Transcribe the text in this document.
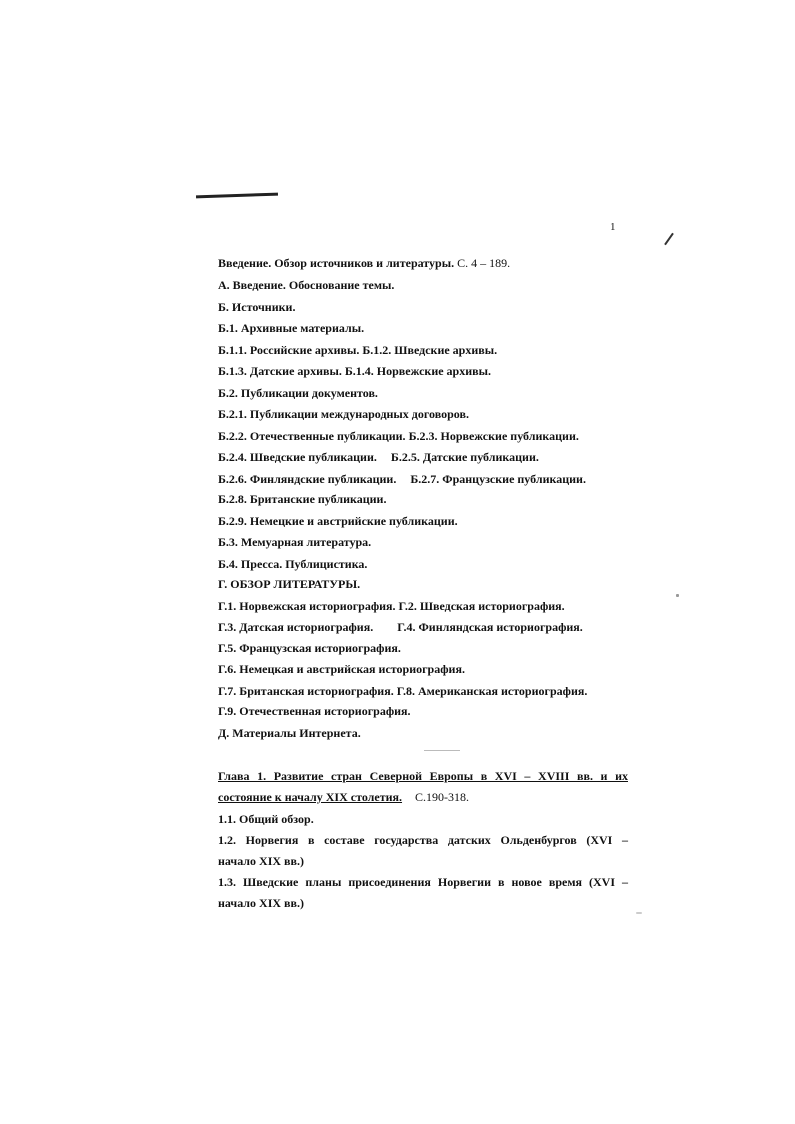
1
Введение. Обзор источников и литературы. С. 4 – 189.
А. Введение. Обоснование темы.
Б. Источники.
Б.1. Архивные материалы.
Б.1.1. Российские архивы. Б.1.2. Шведские архивы.
Б.1.3. Датские архивы. Б.1.4. Норвежские архивы.
Б.2. Публикации документов.
Б.2.1. Публикации международных договоров.
Б.2.2. Отечественные публикации. Б.2.3. Норвежские публикации.
Б.2.4. Шведские публикации. Б.2.5. Датские публикации.
Б.2.6. Финляндские публикации. Б.2.7. Французские публикации.
Б.2.8. Британские публикации.
Б.2.9. Немецкие и австрийские публикации.
Б.3. Мемуарная литература.
Б.4. Пресса. Публицистика.
Г. ОБЗОР ЛИТЕРАТУРЫ.
Г.1. Норвежская историография. Г.2. Шведская историография.
Г.3. Датская историография. Г.4. Финляндская историография.
Г.5. Французская историография.
Г.6. Немецкая и австрийская историография.
Г.7. Британская историография. Г.8. Американская историография.
Г.9. Отечественная историография.
Д. Материалы Интернета.
Глава 1. Развитие стран Северной Европы в XVI – XVIII вв. и их
состояние к началу XIX столетия. С.190-318.
1.1. Общий обзор.
1.2. Норвегия в составе государства датских Ольденбургов (XVI –
начало XIX вв.)
1.3. Шведские планы присоединения Норвегии в новое время (XVI –
начало XIX вв.)
